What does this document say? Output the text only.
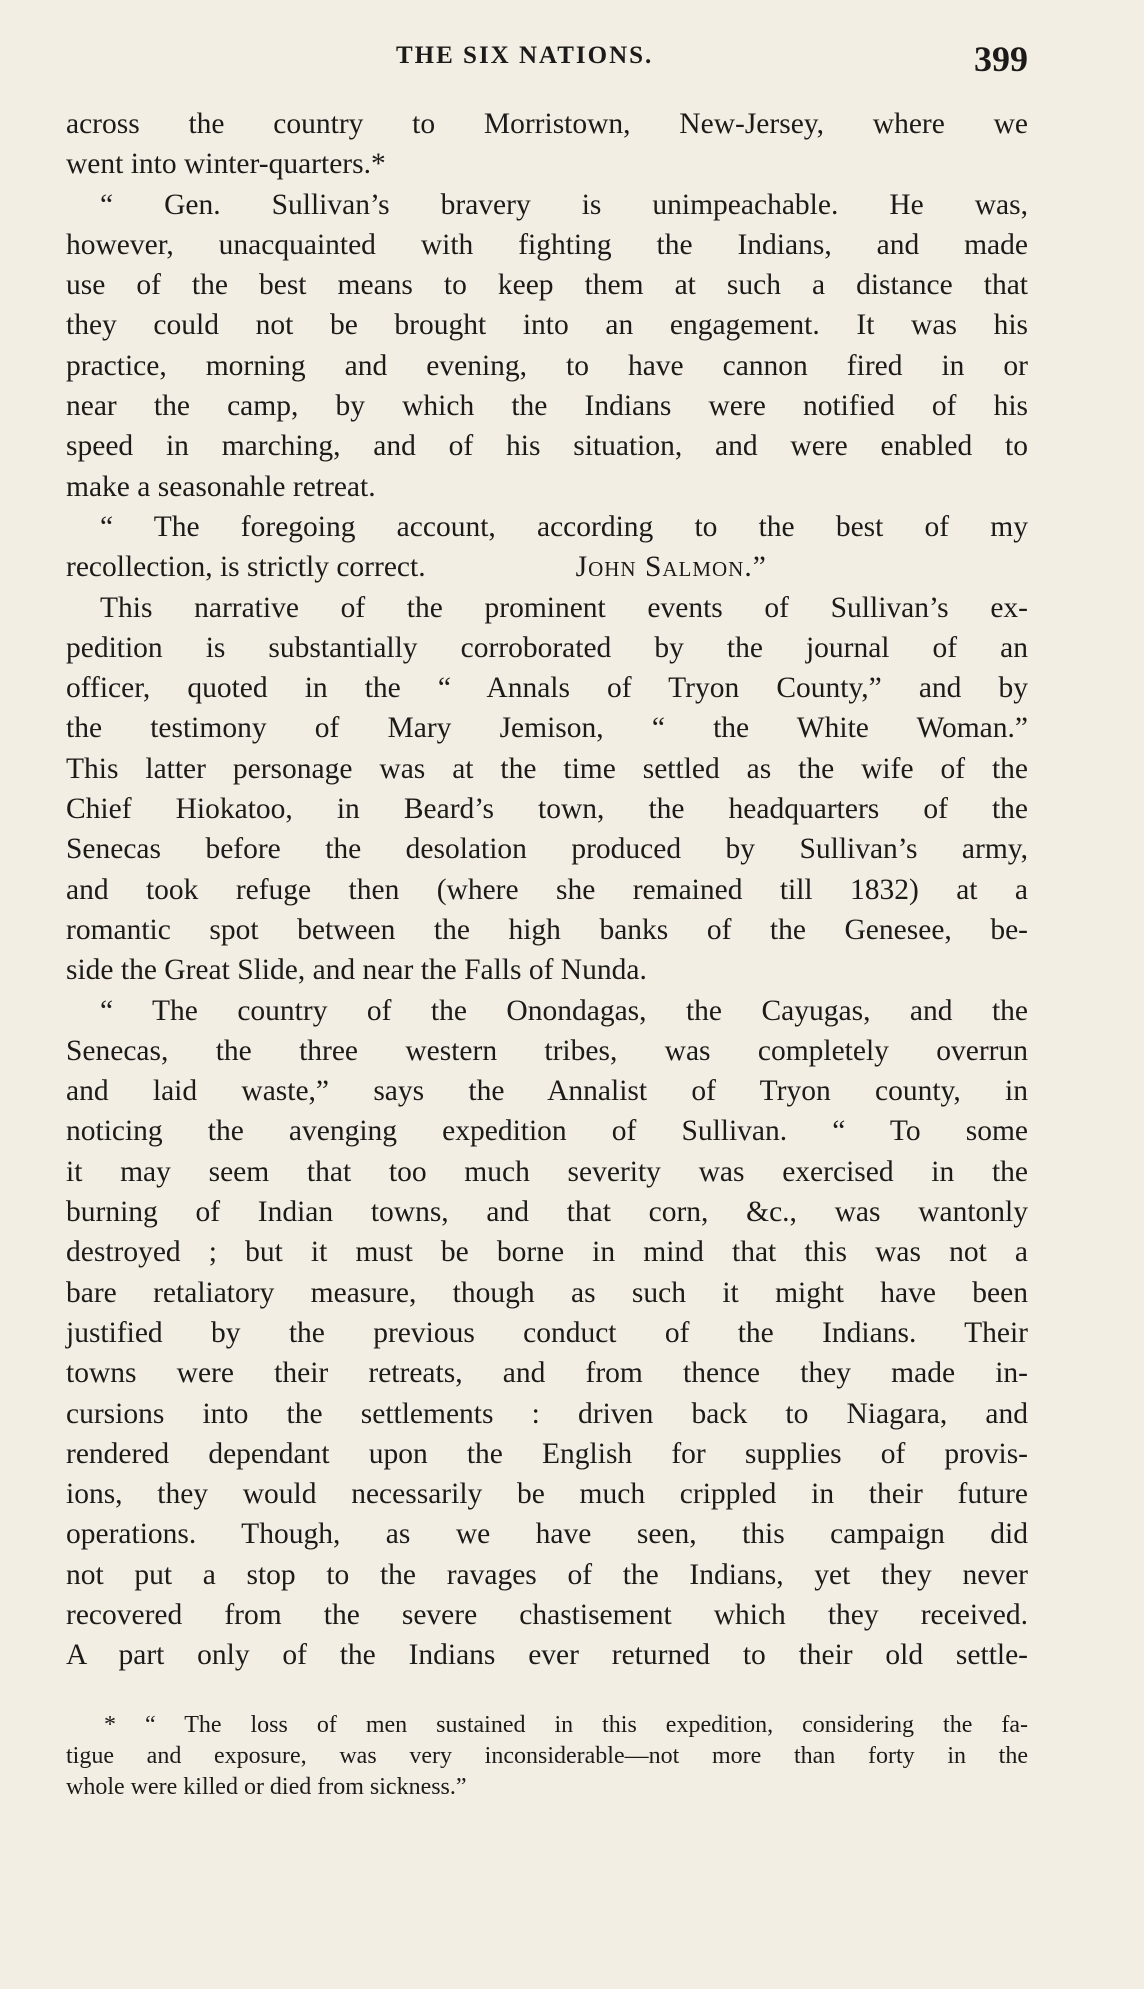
THE SIX NATIONS.	399
across the country to Morristown, New-Jersey, where we
went into winter-quarters.*
“ Gen. Sullivan’s bravery is unimpeachable. He was,
however, unacquainted with fighting the Indians, and made
use of the best means to keep them at such a distance that
they could not be brought into an engagement. It was his
practice, morning and evening, to have cannon fired in or
near the camp, by which the Indians were notified of his
speed in marching, and of his situation, and were enabled to
make a seasonahle retreat.
“ The foregoing account, according to the best of my
recollection, is strictly correct.	John Salmon.”
This narrative of the prominent events of Sullivan’s ex-
pedition is substantially corroborated by the journal of an
officer, quoted in the “ Annals of Tryon County,” and by
the testimony of Mary Jemison, “ the White Woman.”
This latter personage was at the time settled as the wife of the
Chief Hiokatoo, in Beard’s town, the headquarters of the
Senecas before the desolation produced by Sullivan’s army,
and took refuge then (where she remained till 1832) at a
romantic spot between the high banks of the Genesee, be-
side the Great Slide, and near the Falls of Nunda.
“ The country of the Onondagas, the Cayugas, and the
Senecas, the three western tribes, was completely overrun
and laid waste,” says the Annalist of Tryon county, in
noticing the avenging expedition of Sullivan. “ To some
it may seem that too much severity was exercised in the
burning of Indian towns, and that corn, &c., was wantonly
destroyed ; but it must be borne in mind that this was not a
bare retaliatory measure, though as such it might have been
justified by the previous conduct of the Indians. Their
towns were their retreats, and from thence they made in-
cursions into the settlements : driven back to Niagara, and
rendered dependant upon the English for supplies of provis-
ions, they would necessarily be much crippled in their future
operations. Though, as we have seen, this campaign did
not put a stop to the ravages of the Indians, yet they never
recovered from the severe chastisement which they received.
A part only of the Indians ever returned to their old settle-
* “ The loss of men sustained in this expedition, considering the fa-
tigue and exposure, was very inconsiderable—not more than forty in the
whole were killed or died from sickness.”
